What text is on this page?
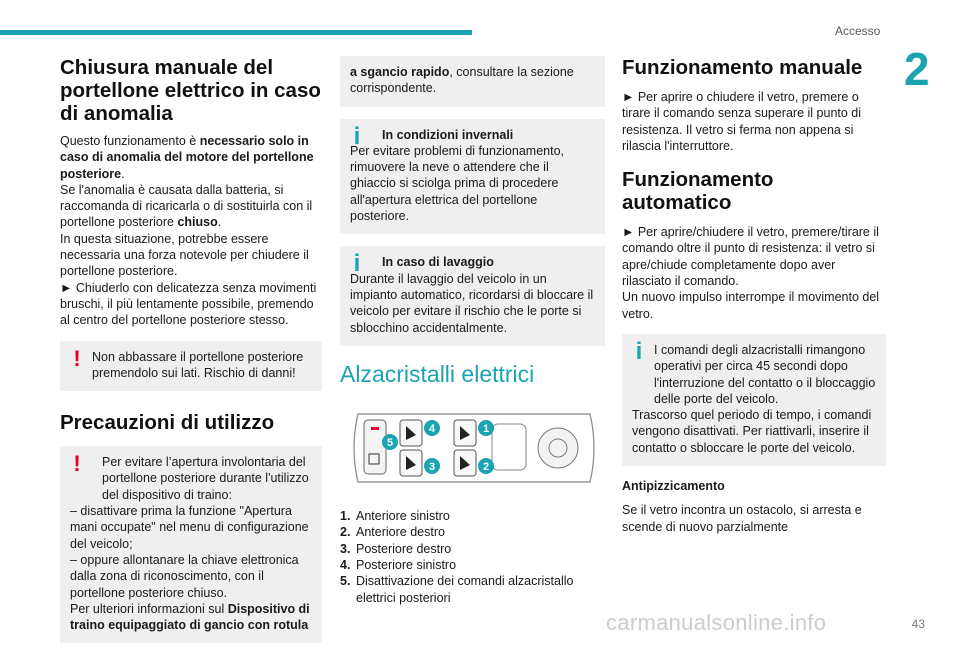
Accesso
2
Chiusura manuale del portellone elettrico in caso di anomalia

Questo funzionamento è necessario solo in caso di anomalia del motore del portellone posteriore.

Se l'anomalia è causata dalla batteria, si raccomanda di ricaricarla o di sostituirla con il portellone posteriore chiuso.

In questa situazione, potrebbe essere necessaria una forza notevole per chiudere il portellone posteriore.

► Chiuderlo con delicatezza senza movimenti bruschi, il più lentamente possibile, premendo al centro del portellone posteriore stesso.

! Non abbassare il portellone posteriore premendolo sui lati. Rischio di danni!

Precauzioni di utilizzo
!	Per evitare l’apertura involontaria del portellone posteriore durante l'utilizzo del dispositivo di traino:

– disattivare prima la funzione "Apertura mani occupate" nel menu di configurazione del veicolo;

– oppure allontanare la chiave elettronica dalla zona di riconoscimento, con il portellone posteriore chiuso.

Per ulteriori informazioni sul Dispositivo di traino equipaggiato di gancio con rotula

a sgancio rapido, consultare la sezione corrispondente.

i	In condizioni invernali

Per evitare problemi di funzionamento, rimuovere la neve o attendere che il ghiaccio si sciolga prima di procedere all'apertura elettrica del portellone posteriore.

i	In caso di lavaggio

Durante il lavaggio del veicolo in un impianto automatico, ricordarsi di bloccare il veicolo per evitare il rischio che le porte si sblocchino accidentalmente.

Alzacristalli elettrici
5
4
3
1
2
1. Anteriore sinistro
2. Anteriore destro
3. Posteriore destro
4. Posteriore sinistro
5. Disattivazione dei comandi alzacristallo elettrici posteriori
Funzionamento manuale

► Per aprire o chiudere il vetro, premere o tirare il comando senza superare il punto di resistenza. Il vetro si ferma non appena si rilascia l'interruttore.

Funzionamento automatico

► Per aprire/chiudere il vetro, premere/tirare il comando oltre il punto di resistenza: il vetro si apre/chiude completamente dopo aver rilasciato il comando.

Un nuovo impulso interrompe il movimento del vetro.

i I comandi degli alzacristalli rimangono operativi per circa 45 secondi dopo l'interruzione del contatto o il bloccaggio delle porte del veicolo.

Trascorso quel periodo di tempo, i comandi vengono disattivati. Per riattivarli, inserire il contatto o sbloccare le porte del veicolo.

Antipizzicamento

Se il vetro incontra un ostacolo, si arresta e scende di nuovo parzialmente

43
carmanualsonline.info
